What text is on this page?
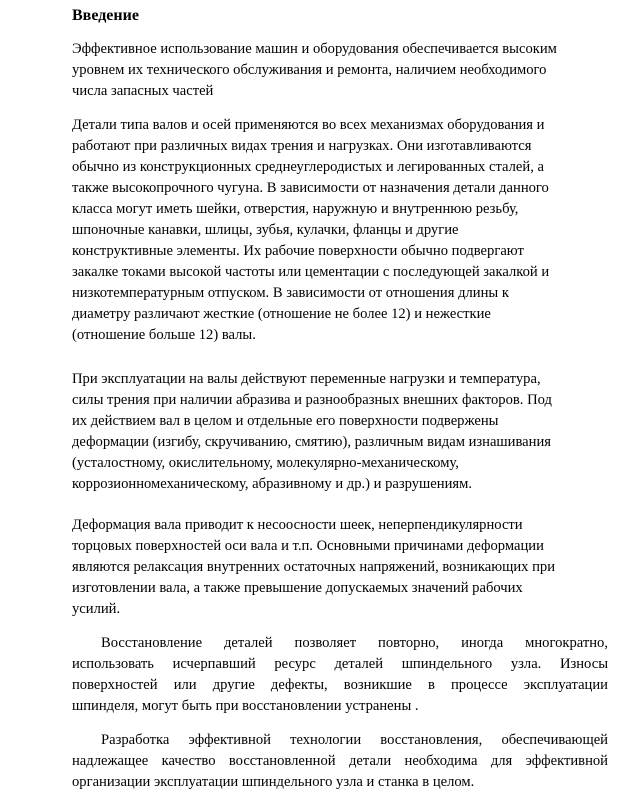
Введение
Эффективное использование машин и оборудования обеспечивается высоким
уровнем их технического обслуживания и ремонта, наличием необходимого
числа запасных частей
Детали типа валов и осей применяются во всех механизмах оборудования и
работают при различных видах трения и нагрузках. Они изготавливаются
обычно из конструкционных среднеуглеродистых и легированных сталей, а
также высокопрочного чугуна. В зависимости от назначения детали данного
класса могут иметь шейки, отверстия, наружную и внутреннюю резьбу,
шпоночные канавки, шлицы, зубья, кулачки, фланцы и другие
конструктивные элементы. Их рабочие поверхности обычно подвергают
закалке токами высокой частоты или цементации с последующей закалкой и
низкотемпературным отпуском. В зависимости от отношения длины к
диаметру различают жесткие (отношение не более 12) и нежесткие
(отношение больше 12) валы.
При эксплуатации на валы действуют переменные нагрузки и температура,
силы трения при наличии абразива и разнообразных внешних факторов. Под
их действием вал в целом и отдельные его поверхности подвержены
деформации (изгибу, скручиванию, смятию), различным видам изнашивания
(усталостному, окислительному, молекулярно-механическому,
коррозионномеханическому, абразивному и др.) и разрушениям.
Деформация вала приводит к несоосности шеек, неперпендикулярности
торцовых поверхностей оси вала и т.п. Основными причинами деформации
являются релаксация внутренних остаточных напряжений, возникающих при
изготовлении вала, а также превышение допускаемых значений рабочих
усилий.
Восстановление деталей позволяет повторно, иногда многократно,
использовать исчерпавший ресурс деталей шпиндельного узла. Износы
поверхностей или другие дефекты, возникшие в процессе эксплуатации
шпинделя, могут быть при восстановлении устранены .
Разработка эффективной технологии восстановления, обеспечивающей
надлежащее качество восстановленной детали необходима для эффективной
организации эксплуатации шпиндельного узла и станка в целом.
